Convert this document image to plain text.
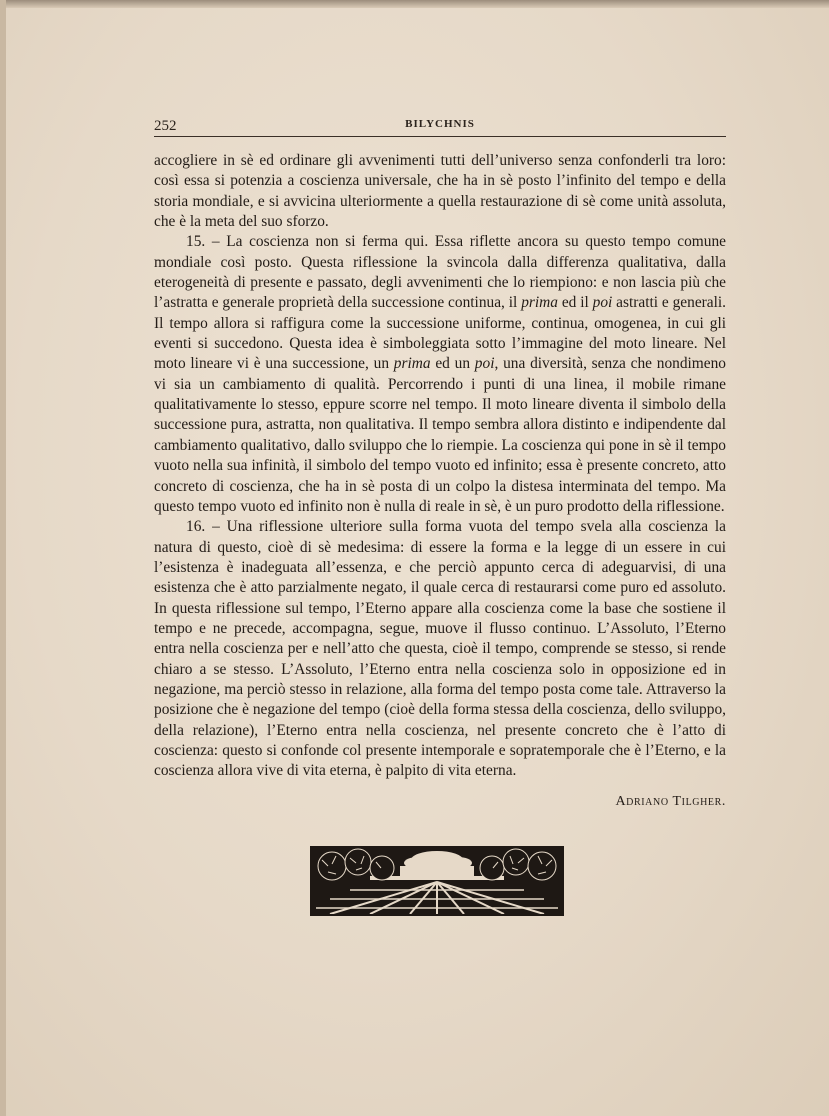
252	BILYCHNIS

accogliere in sè ed ordinare gli avvenimenti tutti dell’universo senza confonderli tra loro: così essa si potenzia a coscienza universale, che ha in sè posto l’infinito del tempo e della storia mondiale, e si avvicina ulteriormente a quella restaurazione di sè come unità assoluta, che è la meta del suo sforzo.

15. – La coscienza non si ferma qui. Essa riflette ancora su questo tempo comune mondiale così posto. Questa riflessione la svincola dalla differenza qualitativa, dalla eterogeneità di presente e passato, degli avvenimenti che lo riempiono: e non lascia più che l’astratta e generale proprietà della successione continua, il prima ed il poi astratti e generali. Il tempo allora si raffigura come la successione uniforme, continua, omogenea, in cui gli eventi si succedono. Questa idea è simboleggiata sotto l’immagine del moto lineare. Nel moto lineare vi è una successione, un prima ed un poi, una diversità, senza che nondimeno vi sia un cambiamento di qualità. Percorrendo i punti di una linea, il mobile rimane qualitativamente lo stesso, eppure scorre nel tempo. Il moto lineare diventa il simbolo della successione pura, astratta, non qualitativa. Il tempo sembra allora distinto e indipendente dal cambiamento qualitativo, dallo sviluppo che lo riempie. La coscienza qui pone in sè il tempo vuoto nella sua infinità, il simbolo del tempo vuoto ed infinito; essa è presente concreto, atto concreto di coscienza, che ha in sè posta di un colpo la distesa interminata del tempo. Ma questo tempo vuoto ed infinito non è nulla di reale in sè, è un puro prodotto della riflessione.

16. – Una riflessione ulteriore sulla forma vuota del tempo svela alla coscienza la natura di questo, cioè di sè medesima: di essere la forma e la legge di un essere in cui l’esistenza è inadeguata all’essenza, e che perciò appunto cerca di adeguarvisi, di una esistenza che è atto parzialmente negato, il quale cerca di restaurarsi come puro ed assoluto. In questa riflessione sul tempo, l’Eterno appare alla coscienza come la base che sostiene il tempo e ne precede, accompagna, segue, muove il flusso continuo. L’Assoluto, l’Eterno entra nella coscienza per e nell’atto che questa, cioè il tempo, comprende se stesso, si rende chiaro a se stesso. L’Assoluto, l’Eterno entra nella coscienza solo in opposizione ed in negazione, ma perciò stesso in relazione, alla forma del tempo posta come tale. Attraverso la posizione che è negazione del tempo (cioè della forma stessa della coscienza, dello sviluppo, della relazione), l’Eterno entra nella coscienza, nel presente concreto che è l’atto di coscienza: questo si confonde col presente intemporale e sopratemporale che è l’Eterno, e la coscienza allora vive di vita eterna, è palpito di vita eterna.

Adriano Tilgher.
